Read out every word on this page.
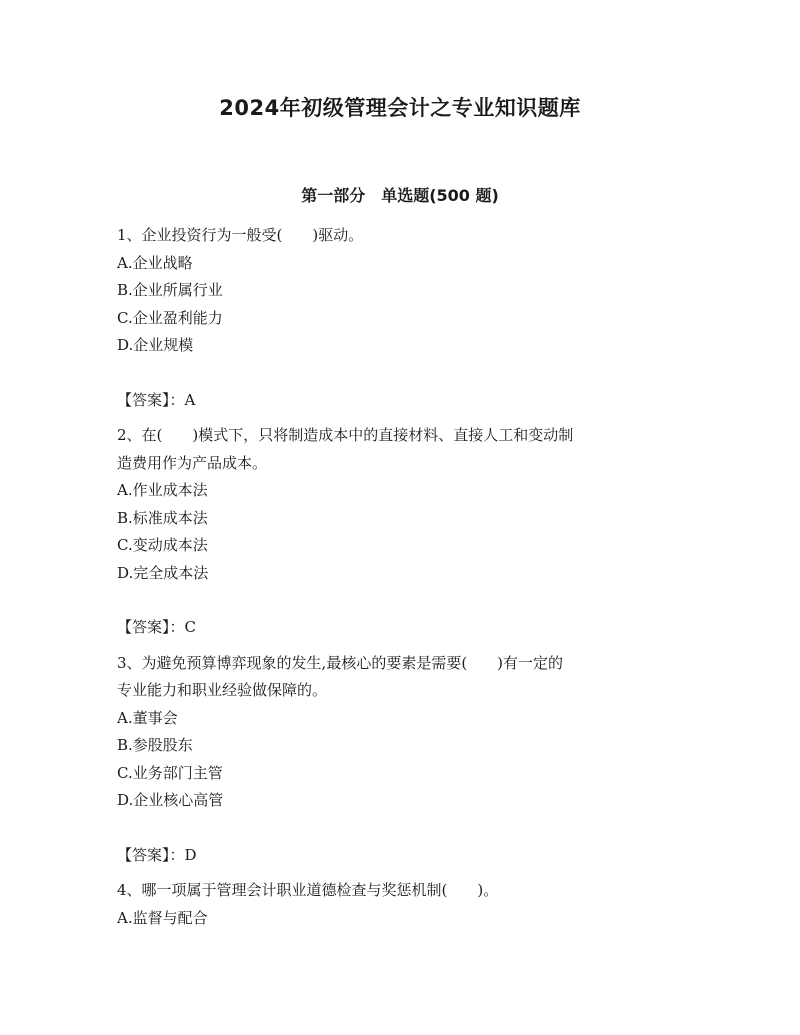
2024年初级管理会计之专业知识题库
第一部分　单选题(500 题)

1、企业投资行为一般受(　　)驱动。

A.企业战略

B.企业所属行业

C.企业盈利能力

D.企业规模

【答案】：A

2、在(　　)模式下，只将制造成本中的直接材料、直接人工和变动制

造费用作为产品成本。

A.作业成本法

B.标准成本法

C.变动成本法

D.完全成本法

【答案】：C

3、为避免预算博弈现象的发生,最核心的要素是需要(　　)有一定的

专业能力和职业经验做保障的。

A.董事会

B.参股股东

C.业务部门主管

D.企业核心高管

【答案】：D

4、哪一项属于管理会计职业道德检查与奖惩机制(　　)。

A.监督与配合
